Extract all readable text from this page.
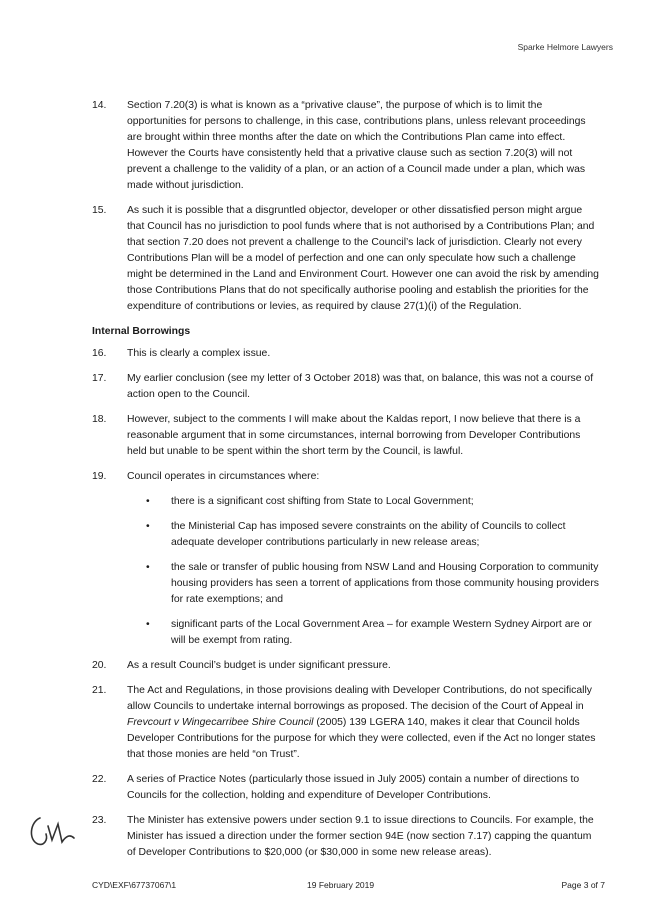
Sparke Helmore Lawyers
14. Section 7.20(3) is what is known as a “privative clause”, the purpose of which is to limit the opportunities for persons to challenge, in this case, contributions plans, unless relevant proceedings are brought within three months after the date on which the Contributions Plan came into effect. However the Courts have consistently held that a privative clause such as section 7.20(3) will not prevent a challenge to the validity of a plan, or an action of a Council made under a plan, which was made without jurisdiction.
15. As such it is possible that a disgruntled objector, developer or other dissatisfied person might argue that Council has no jurisdiction to pool funds where that is not authorised by a Contributions Plan; and that section 7.20 does not prevent a challenge to the Council’s lack of jurisdiction. Clearly not every Contributions Plan will be a model of perfection and one can only speculate how such a challenge might be determined in the Land and Environment Court. However one can avoid the risk by amending those Contributions Plans that do not specifically authorise pooling and establish the priorities for the expenditure of contributions or levies, as required by clause 27(1)(i) of the Regulation.
Internal Borrowings
16. This is clearly a complex issue.
17. My earlier conclusion (see my letter of 3 October 2018) was that, on balance, this was not a course of action open to the Council.
18. However, subject to the comments I will make about the Kaldas report, I now believe that there is a reasonable argument that in some circumstances, internal borrowing from Developer Contributions held but unable to be spent within the short term by the Council, is lawful.
19. Council operates in circumstances where:
• there is a significant cost shifting from State to Local Government;
• the Ministerial Cap has imposed severe constraints on the ability of Councils to collect adequate developer contributions particularly in new release areas;
• the sale or transfer of public housing from NSW Land and Housing Corporation to community housing providers has seen a torrent of applications from those community housing providers for rate exemptions; and
• significant parts of the Local Government Area – for example Western Sydney Airport are or will be exempt from rating.
20. As a result Council’s budget is under significant pressure.
21. The Act and Regulations, in those provisions dealing with Developer Contributions, do not specifically allow Councils to undertake internal borrowings as proposed. The decision of the Court of Appeal in Frevcourt v Wingecarribee Shire Council (2005) 139 LGERA 140, makes it clear that Council holds Developer Contributions for the purpose for which they were collected, even if the Act no longer states that those monies are held “on Trust”.
22. A series of Practice Notes (particularly those issued in July 2005) contain a number of directions to Councils for the collection, holding and expenditure of Developer Contributions.
23. The Minister has extensive powers under section 9.1 to issue directions to Councils. For example, the Minister has issued a direction under the former section 94E (now section 7.17) capping the quantum of Developer Contributions to $20,000 (or $30,000 in some new release areas).
CYD\EXF\67737067\1	19 February 2019	Page 3 of 7
